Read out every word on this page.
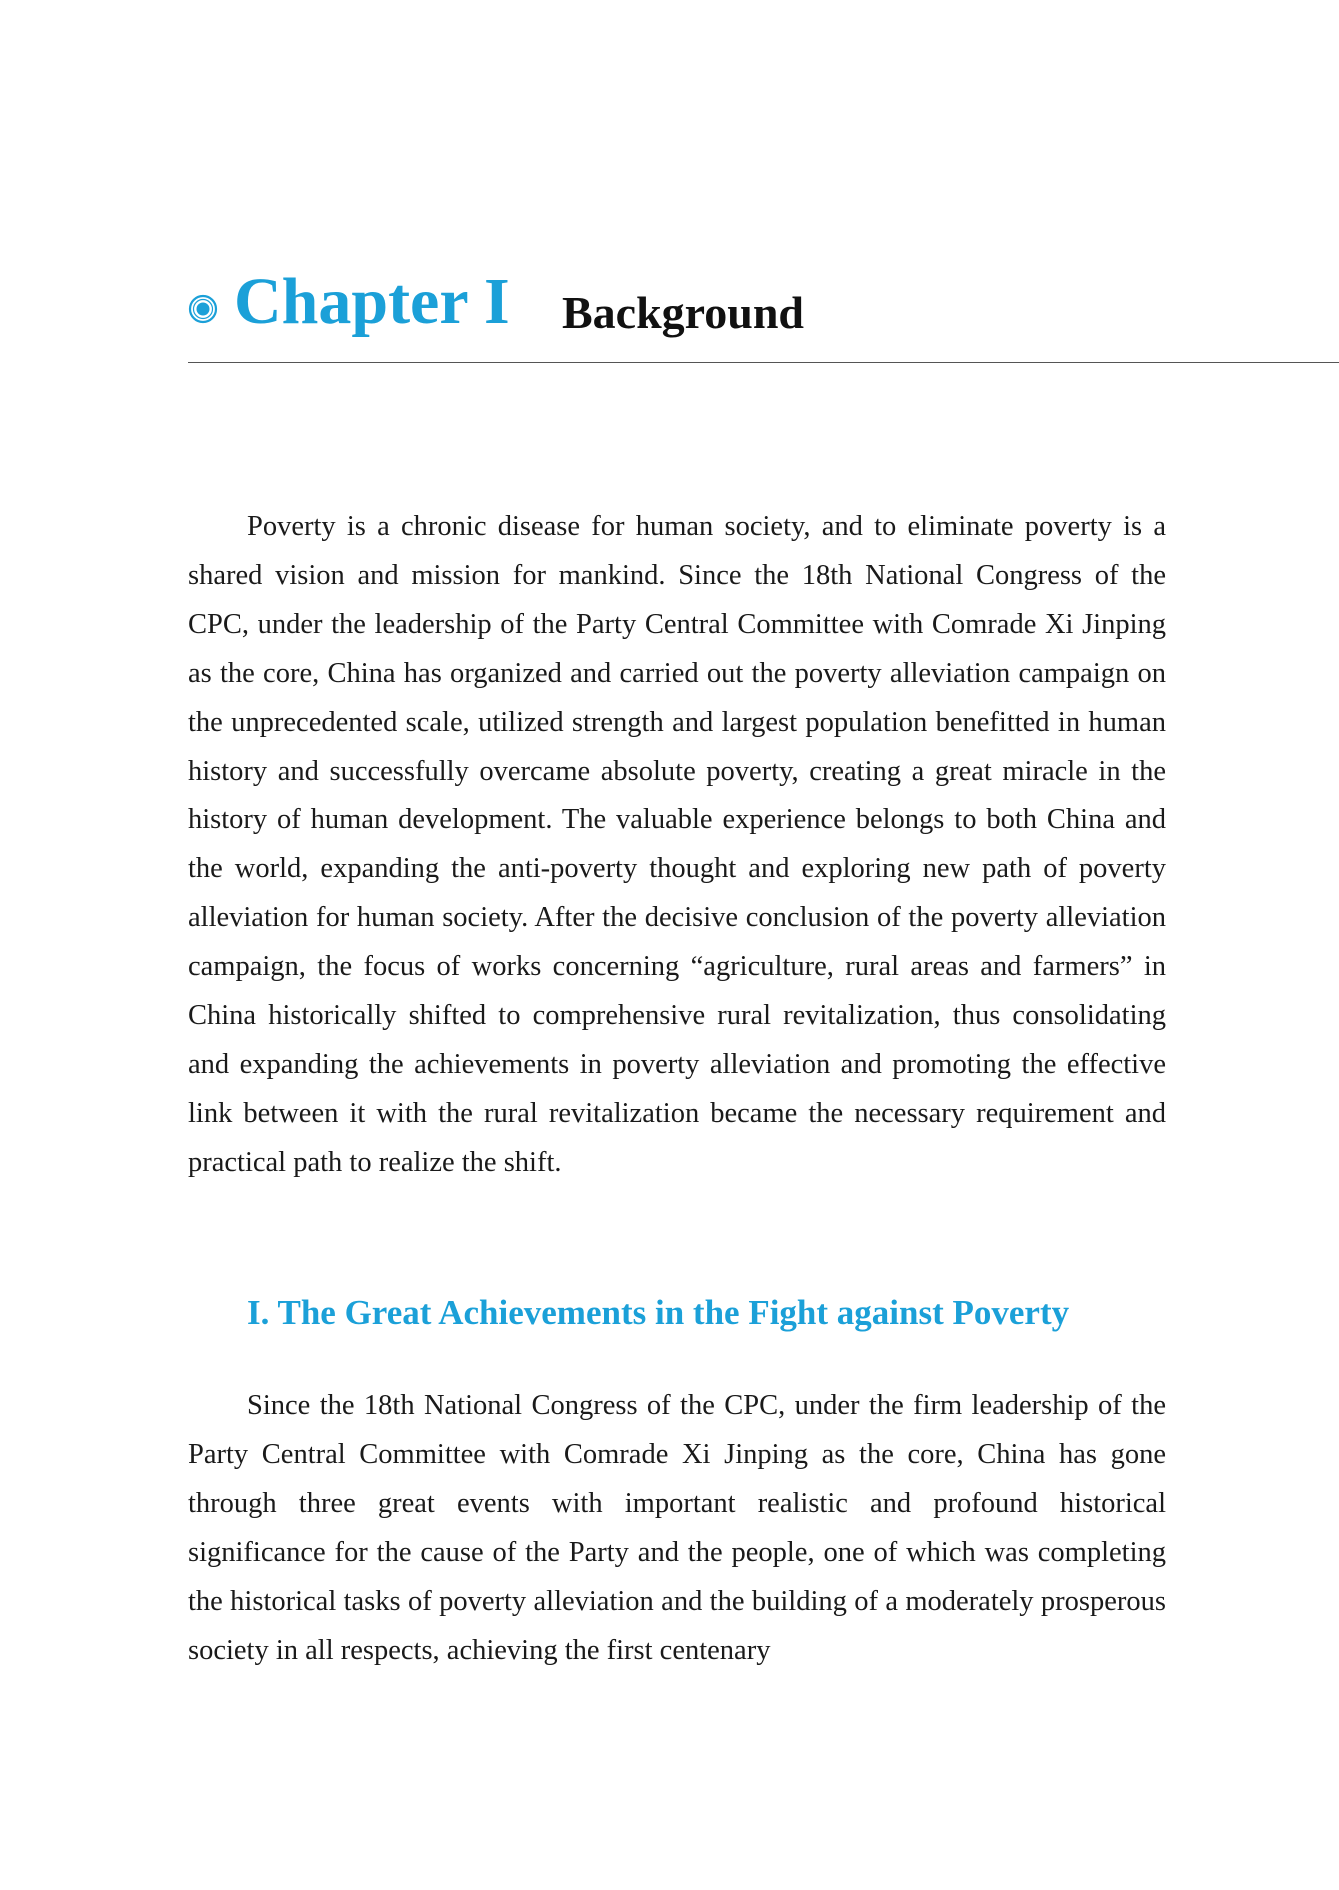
Chapter I Background

Poverty is a chronic disease for human society, and to eliminate poverty is a shared vision and mission for mankind. Since the 18th National Congress of the CPC, under the leadership of the Party Central Committee with Comrade Xi Jinping as the core, China has organized and carried out the poverty alleviation campaign on the unprecedented scale, utilized strength and largest population benefitted in human history and successfully overcame absolute poverty, creating a great miracle in the history of human development. The valuable experience belongs to both China and the world, expanding the anti-poverty thought and exploring new path of poverty alleviation for human society. After the decisive conclusion of the poverty alleviation campaign, the focus of works concerning “agriculture, rural areas and farmers” in China historically shifted to comprehensive rural revitalization, thus consolidating and expanding the achievements in poverty alleviation and promoting the effective link between it with the rural revitalization became the necessary requirement and practical path to realize the shift.

I. The Great Achievements in the Fight against Poverty

Since the 18th National Congress of the CPC, under the firm leadership of the Party Central Committee with Comrade Xi Jinping as the core, China has gone through three great events with important realistic and profound historical significance for the cause of the Party and the people, one of which was completing the historical tasks of poverty alleviation and the building of a moderately prosperous society in all respects, achieving the first centenary
